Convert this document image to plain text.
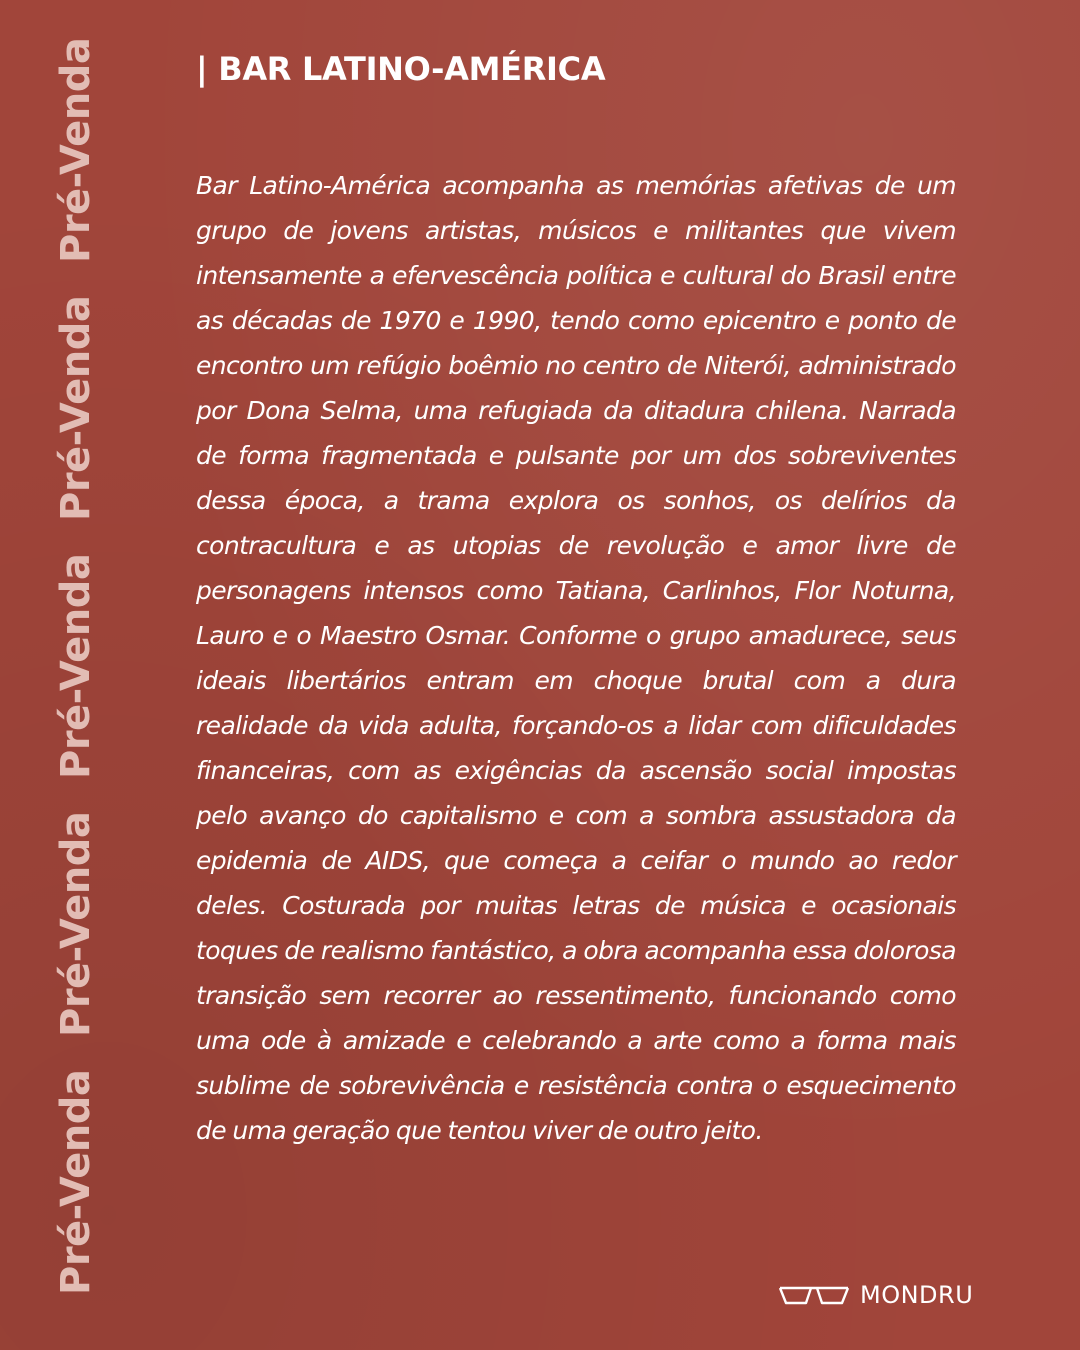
Pré-Venda
Pré-Venda
Pré-Venda
Pré-Venda
Pré-Venda
| BAR LATINO-AMÉRICA

Bar Latino-América acompanha as memórias afetivas de um grupo de jovens artistas, músicos e militantes que vivem intensamente a efervescência política e cultural do Brasil entre as décadas de 1970 e 1990, tendo como epicentro e ponto de encontro um refúgio boêmio no centro de Niterói, administrado por Dona Selma, uma refugiada da ditadura chilena. Narrada de forma fragmentada e pulsante por um dos sobreviventes dessa época, a trama explora os sonhos, os delírios da contracultura e as utopias de revolução e amor livre de personagens intensos como Tatiana, Carlinhos, Flor Noturna, Lauro e o Maestro Osmar. Conforme o grupo amadurece, seus ideais libertários entram em choque brutal com a dura realidade da vida adulta, forçando-os a lidar com dificuldades financeiras, com as exigências da ascensão social impostas pelo avanço do capitalismo e com a sombra assustadora da epidemia de AIDS, que começa a ceifar o mundo ao redor deles. Costurada por muitas letras de música e ocasionais toques de realismo fantástico, a obra acompanha essa dolorosa transição sem recorrer ao ressentimento, funcionando como uma ode à amizade e celebrando a arte como a forma mais sublime de sobrevivência e resistência contra o esquecimento de uma geração que tentou viver de outro jeito.

MONDRU
